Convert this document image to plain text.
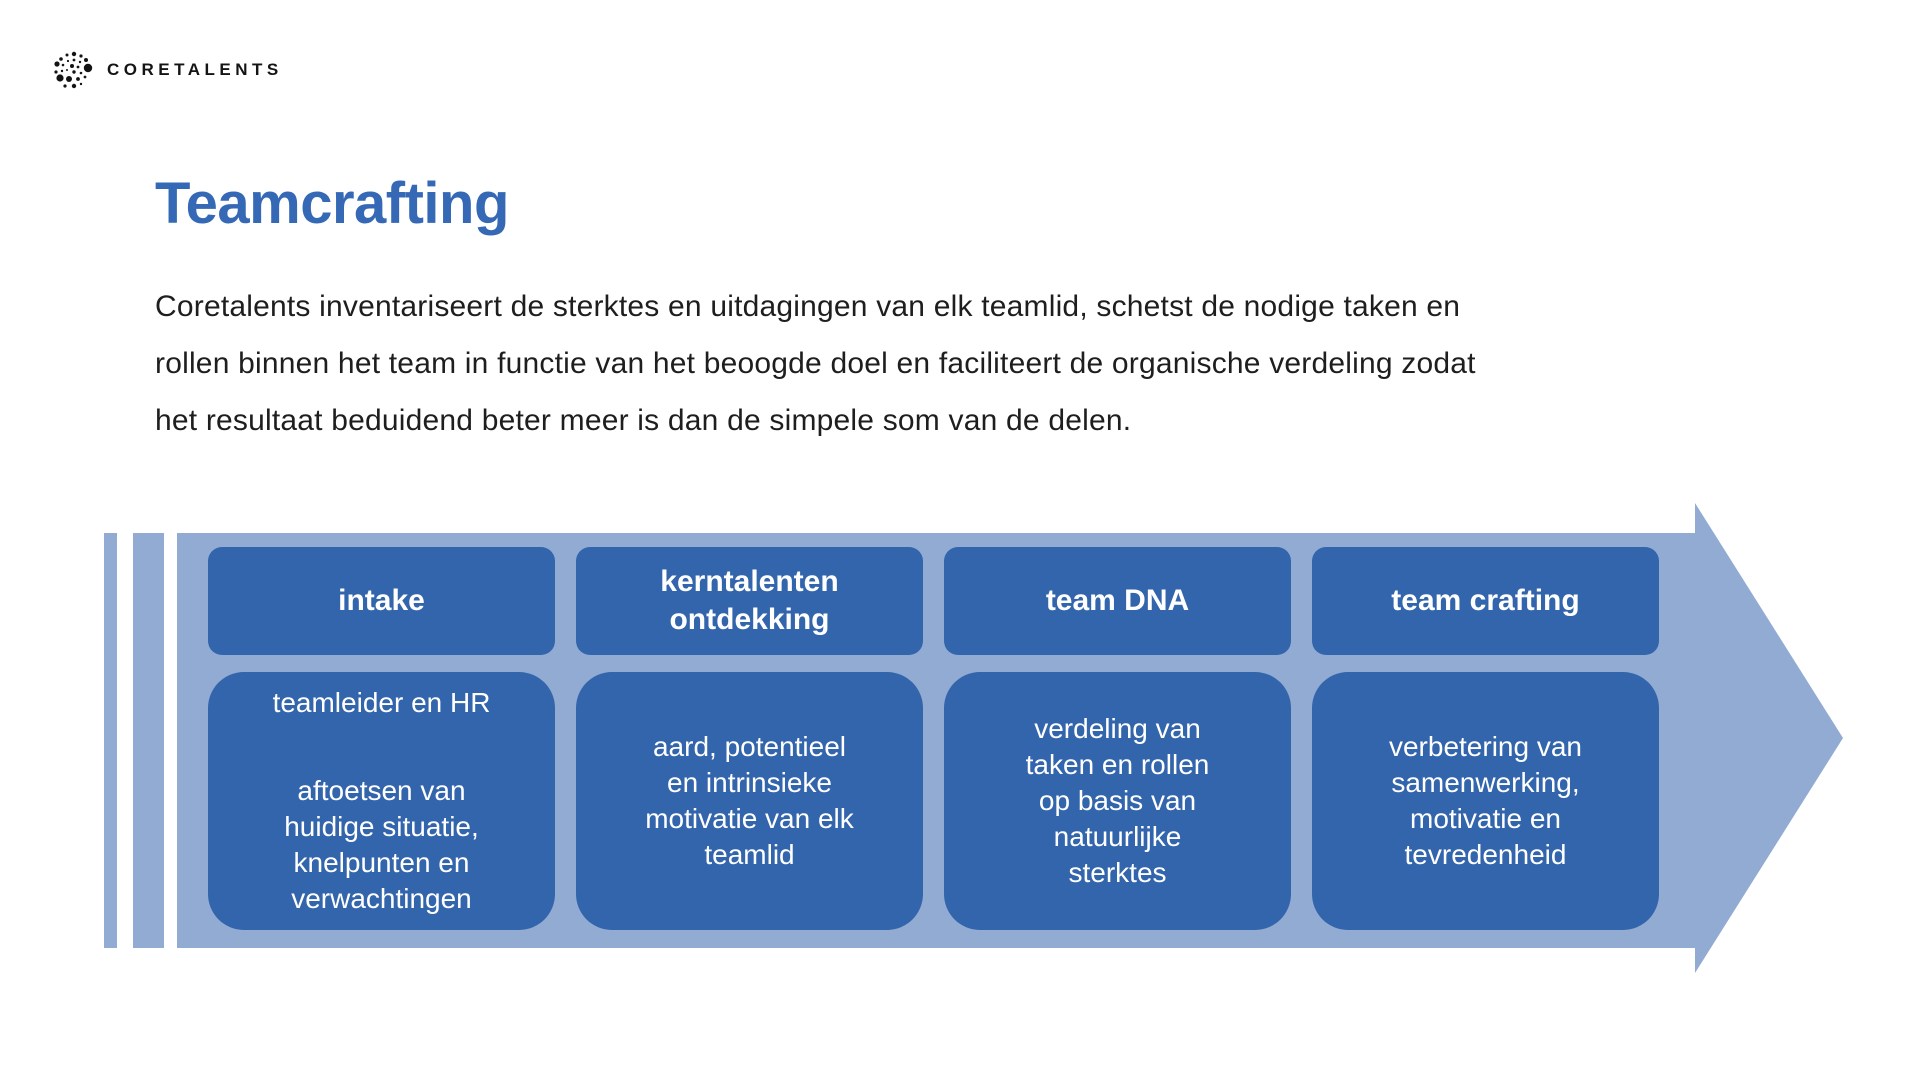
CORETALENTS
Teamcrafting
Coretalents inventariseert de sterktes en uitdagingen van elk teamlid, schetst de nodige taken en
rollen binnen het team in functie van het beoogde doel en faciliteert de organische verdeling zodat
het resultaat beduidend beter meer is dan de simpele som van de delen.
intake
teamleider en HR
aftoetsen van
huidige situatie,
knelpunten en
verwachtingen
kerntalenten ontdekking
aard, potentieel
en intrinsieke
motivatie van elk
teamlid
team DNA
verdeling van
taken en rollen
op basis van
natuurlijke
sterktes
team crafting
verbetering van
samenwerking,
motivatie en
tevredenheid
